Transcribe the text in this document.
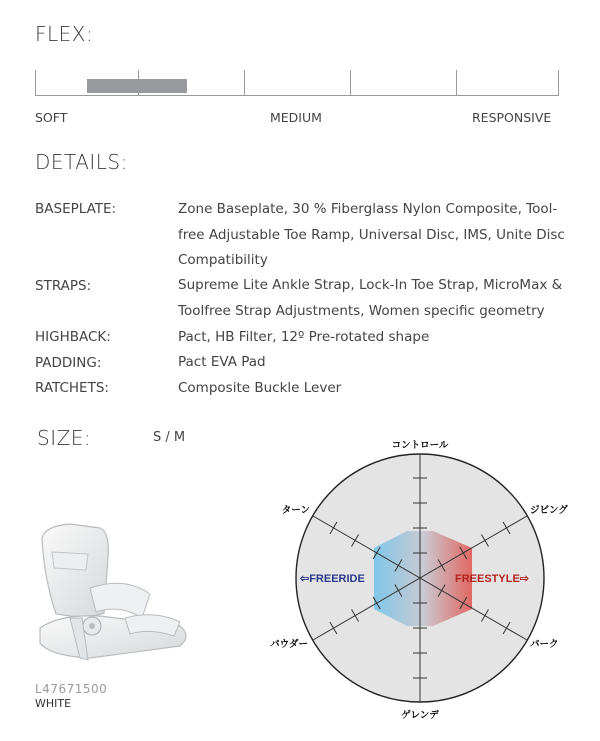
FLEX:
SOFT	MEDIUM	RESPONSIVE
DETAILS:
BASEPLATE:	Zone Baseplate, 30 % Fiberglass Nylon Composite, Tool-free Adjustable Toe Ramp, Universal Disc, IMS, Unite Disc Compatibility
STRAPS:	Supreme Lite Ankle Strap, Lock-In Toe Strap, MicroMax & Toolfree Strap Adjustments, Women specific geometry
HIGHBACK:	Pact, HB Filter, 12º Pre-rotated shape
PADDING:	Pact EVA Pad
RATCHETS:	Composite Buckle Lever
SIZE:	S / M
L47671500
WHITE
コントロール
ゲレンデ
ターン	ジビング
パウダー	パーク
⇦FREERIDE	FREESTYLE⇨
